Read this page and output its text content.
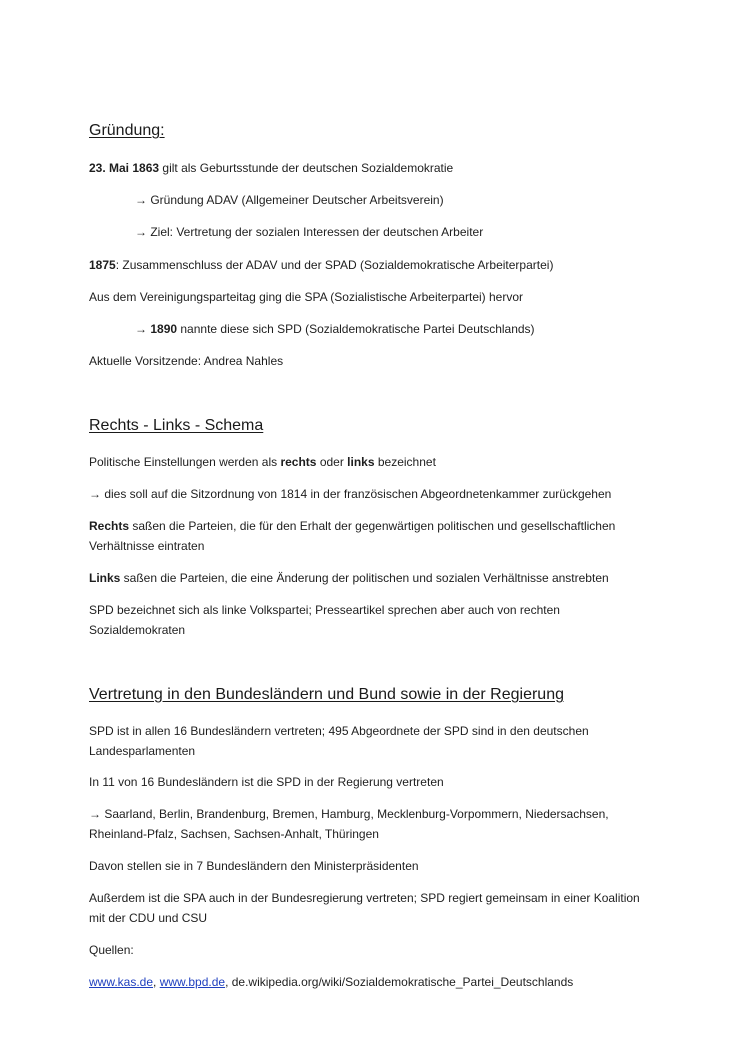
Gründung:

23. Mai 1863 gilt als Geburtsstunde der deutschen Sozialdemokratie

→ Gründung ADAV (Allgemeiner Deutscher Arbeitsverein)

→ Ziel: Vertretung der sozialen Interessen der deutschen Arbeiter

1875: Zusammenschluss der ADAV und der SPAD (Sozialdemokratische Arbeiterpartei)

Aus dem Vereinigungsparteitag ging die SPA (Sozialistische Arbeiterpartei) hervor

→ 1890 nannte diese sich SPD (Sozialdemokratische Partei Deutschlands)

Aktuelle Vorsitzende: Andrea Nahles

Rechts - Links - Schema

Politische Einstellungen werden als rechts oder links bezeichnet

→ dies soll auf die Sitzordnung von 1814 in der französischen Abgeordnetenkammer zurückgehen

Rechts saßen die Parteien, die für den Erhalt der gegenwärtigen politischen und gesellschaftlichen Verhältnisse eintraten

Links saßen die Parteien, die eine Änderung der politischen und sozialen Verhältnisse anstrebten

SPD bezeichnet sich als linke Volkspartei; Presseartikel sprechen aber auch von rechten Sozialdemokraten

Vertretung in den Bundesländern und Bund sowie in der Regierung

SPD ist in allen 16 Bundesländern vertreten; 495 Abgeordnete der SPD sind in den deutschen Landesparlamenten

In 11 von 16 Bundesländern ist die SPD in der Regierung vertreten

→ Saarland, Berlin, Brandenburg, Bremen, Hamburg, Mecklenburg-Vorpommern, Niedersachsen, Rheinland-Pfalz, Sachsen, Sachsen-Anhalt, Thüringen

Davon stellen sie in 7 Bundesländern den Ministerpräsidenten

Außerdem ist die SPA auch in der Bundesregierung vertreten; SPD regiert gemeinsam in einer Koalition mit der CDU und CSU

Quellen:

www.kas.de, www.bpd.de, de.wikipedia.org/wiki/Sozialdemokratische_Partei_Deutschlands
